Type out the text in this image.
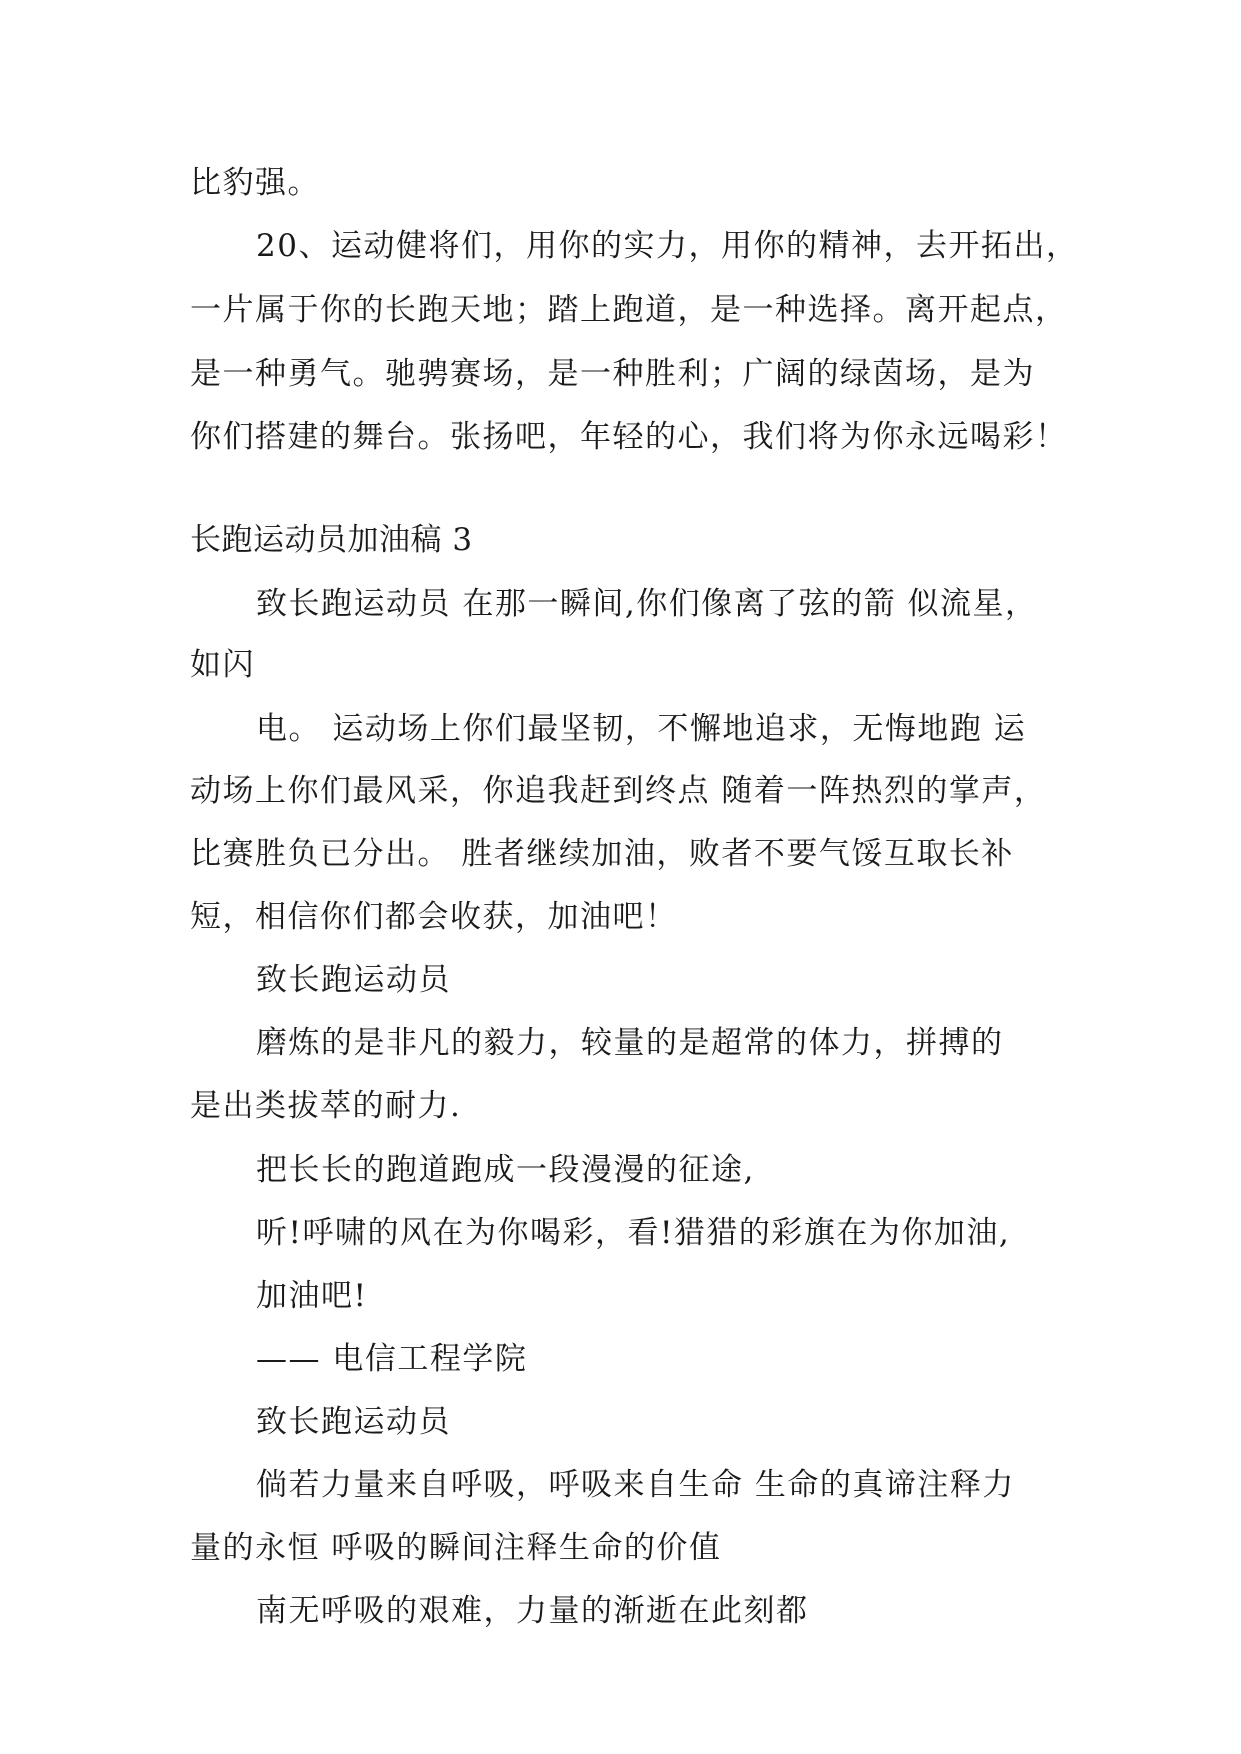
比豹强。
20、运动健将们，用你的实力，用你的精神，去开拓出，
一片属于你的长跑天地；踏上跑道，是一种选择。离开起点，
是一种勇气。驰骋赛场，是一种胜利；广阔的绿茵场，是为
你们搭建的舞台。张扬吧，年轻的心，我们将为你永远喝彩！
长跑运动员加油稿 3
致长跑运动员 在那一瞬间,你们像离了弦的箭 似流星，
如闪
电。 运动场上你们最坚韧，不懈地追求，无悔地跑 运
动场上你们最风采，你追我赶到终点 随着一阵热烈的掌声，
比赛胜负已分出。 胜者继续加油，败者不要气馁互取长补
短，相信你们都会收获，加油吧！
致长跑运动员
磨炼的是非凡的毅力，较量的是超常的体力，拼搏的
是出类拔萃的耐力.
把长长的跑道跑成一段漫漫的征途,
听!呼啸的风在为你喝彩，看!猎猎的彩旗在为你加油,
加油吧!
—— 电信工程学院
致长跑运动员
倘若力量来自呼吸，呼吸来自生命 生命的真谛注释力
量的永恒 呼吸的瞬间注释生命的价值
南无呼吸的艰难，力量的渐逝在此刻都
